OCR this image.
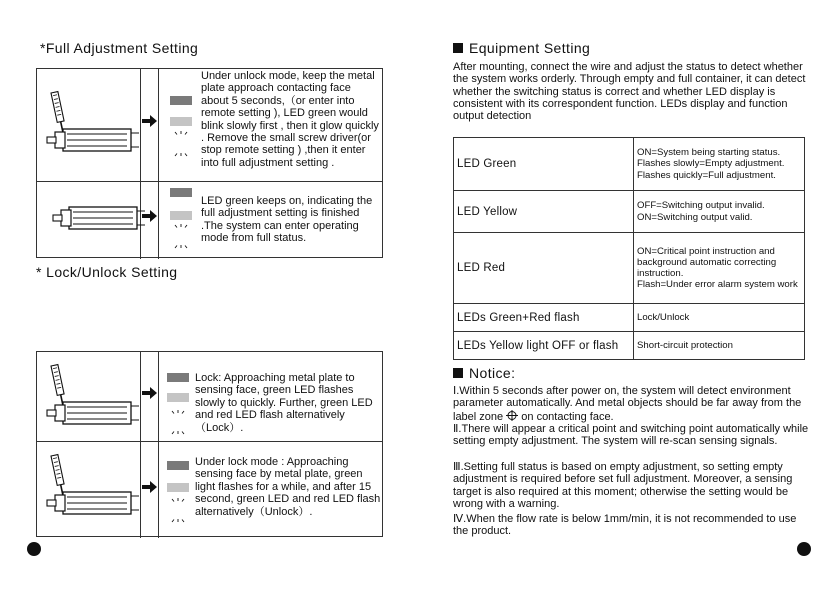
*Full Adjustment Setting
Under unlock mode, keep the metal plate approach contacting face about 5 seconds,（or enter into remote setting ), LED green would blink slowly first , then it glow quickly . Remove the small screw driver(or stop remote setting ) ,then it enter into full adjustment setting .
LED green keeps on, indicating the full adjustment setting is finished .The system can enter operating mode from full status.
* Lock/Unlock Setting
Lock: Approaching metal plate to sensing face, green LED flashes slowly to quickly. Further, green LED and red LED flash alternatively （Lock）.
Under lock mode : Approaching sensing face by metal plate, green light flashes for a while, and after 15 second, green LED and red LED flash alternatively（Unlock）.
Equipment Setting
After mounting, connect the wire and adjust the status to detect whether the system works orderly. Through empty and full container, it can detect whether the switching status is correct and whether LED display is consistent with its correspondent function. LEDs display and function output detection
LED Green	ON=System being starting status.
Flashes slowly=Empty adjustment.
Flashes quickly=Full adjustment.
LED Yellow	OFF=Switching output invalid.
ON=Switching output valid.
LED Red	ON=Critical point instruction and background automatic correcting instruction.
Flash=Under error alarm system work
LEDs Green+Red flash	Lock/Unlock
LEDs Yellow light OFF or flash	Short-circuit protection
Notice:
Ⅰ.Within 5 seconds after power on, the system will detect environment parameter automatically. And metal objects should be far away from the label zone  on contacting face.
Ⅱ.There will appear a critical point and switching point automatically while setting empty adjustment. The system will re-scan sensing signals.
Ⅲ.Setting full status is based on empty adjustment, so setting empty adjustment is required before set full adjustment. Moreover, a sensing target is also required at this moment; otherwise the setting would be wrong with a warning.
Ⅳ.When the flow rate is below 1mm/min, it is not recommended to use the product.
